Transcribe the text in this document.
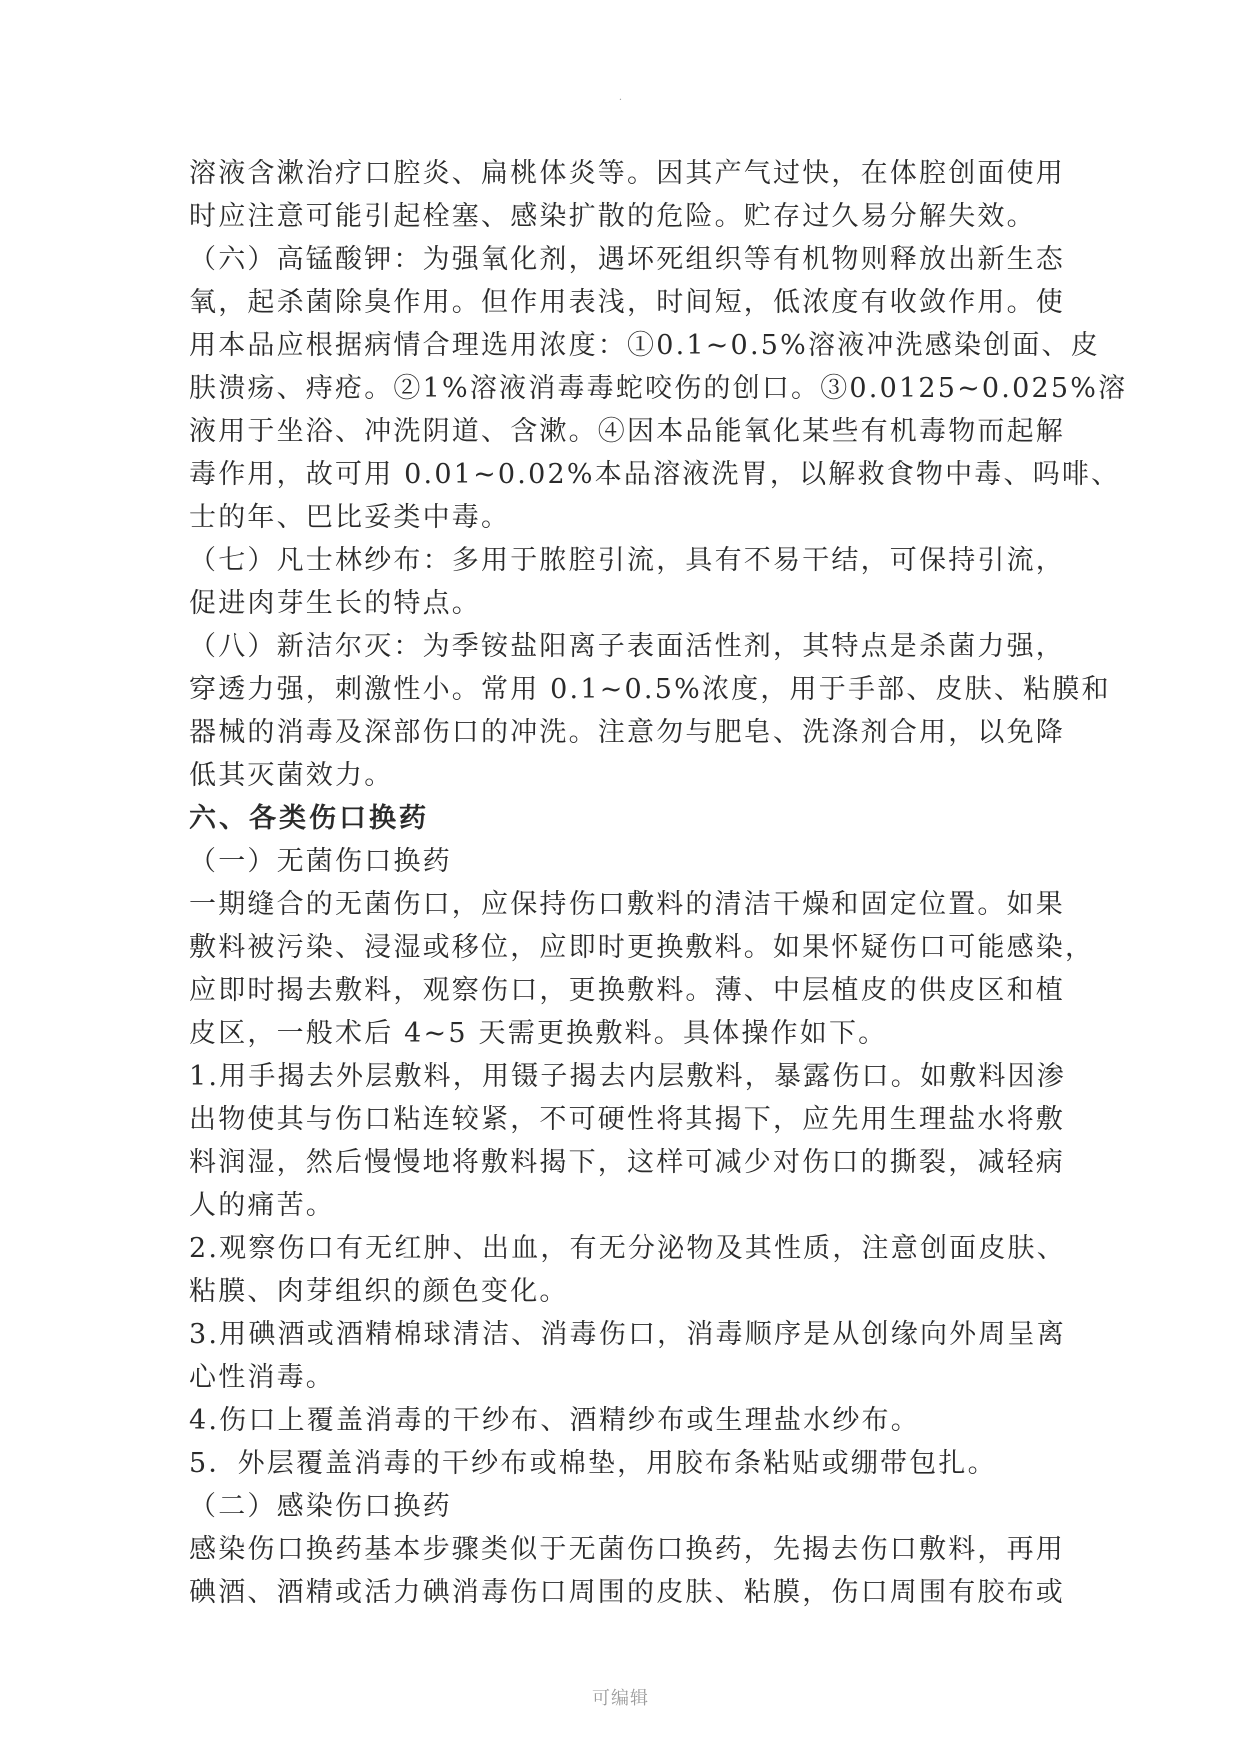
.
溶液含漱治疗口腔炎、扁桃体炎等。因其产气过快，在体腔创面使用
时应注意可能引起栓塞、感染扩散的危险。贮存过久易分解失效。
（六）高锰酸钾：为强氧化剂，遇坏死组织等有机物则释放出新生态
氧，起杀菌除臭作用。但作用表浅，时间短，低浓度有收敛作用。使
用本品应根据病情合理选用浓度：①0.1~0.5%溶液冲洗感染创面、皮
肤溃疡、痔疮。②1%溶液消毒毒蛇咬伤的创口。③0.0125~0.025%溶
液用于坐浴、冲洗阴道、含漱。④因本品能氧化某些有机毒物而起解
毒作用，故可用 0.01~0.02%本品溶液洗胃，以解救食物中毒、吗啡、
士的年、巴比妥类中毒。
（七）凡士林纱布：多用于脓腔引流，具有不易干结，可保持引流，
促进肉芽生长的特点。
（八）新洁尔灭：为季铵盐阳离子表面活性剂，其特点是杀菌力强，
穿透力强，刺激性小。常用 0.1~0.5%浓度，用于手部、皮肤、粘膜和
器械的消毒及深部伤口的冲洗。注意勿与肥皂、洗涤剂合用，以免降
低其灭菌效力。
六、各类伤口换药
（一）无菌伤口换药
一期缝合的无菌伤口，应保持伤口敷料的清洁干燥和固定位置。如果
敷料被污染、浸湿或移位，应即时更换敷料。如果怀疑伤口可能感染，
应即时揭去敷料，观察伤口，更换敷料。薄、中层植皮的供皮区和植
皮区，一般术后 4~5 天需更换敷料。具体操作如下。
1.用手揭去外层敷料，用镊子揭去内层敷料，暴露伤口。如敷料因渗
出物使其与伤口粘连较紧，不可硬性将其揭下，应先用生理盐水将敷
料润湿，然后慢慢地将敷料揭下，这样可减少对伤口的撕裂，减轻病
人的痛苦。
2.观察伤口有无红肿、出血，有无分泌物及其性质，注意创面皮肤、
粘膜、肉芽组织的颜色变化。
3.用碘酒或酒精棉球清洁、消毒伤口，消毒顺序是从创缘向外周呈离
心性消毒。
4.伤口上覆盖消毒的干纱布、酒精纱布或生理盐水纱布。
5．外层覆盖消毒的干纱布或棉垫，用胶布条粘贴或绷带包扎。
（二）感染伤口换药
感染伤口换药基本步骤类似于无菌伤口换药，先揭去伤口敷料，再用
碘酒、酒精或活力碘消毒伤口周围的皮肤、粘膜，伤口周围有胶布或
可编辑
